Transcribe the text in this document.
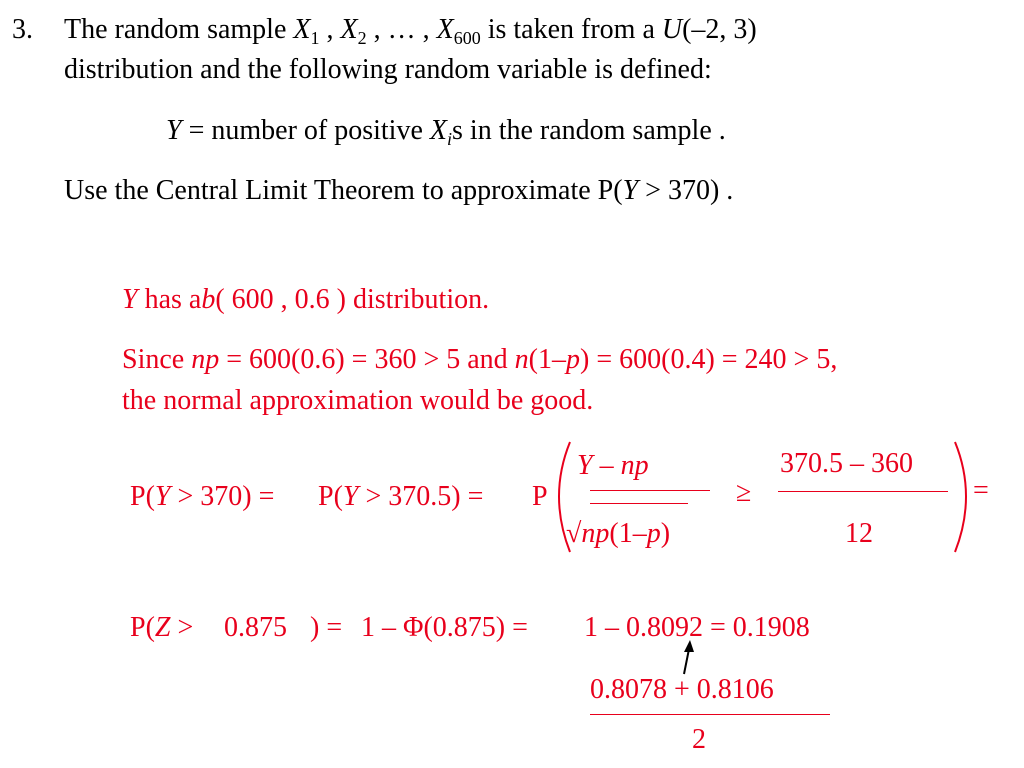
3. The random sample $X_1$ , $X_2$ , … , $X_{600}$ is taken from a U(–2, 3)
distribution and the following random variable is defined:
Y = number of positive $X_is$ in the random sample .
Use the Central Limit Theorem to approximate P(Y > 370) .
Y has ab( 600 , 0.6 ) distribution.
Since np = 600(0.6) = 360 > 5 and n(1–p) = 600(0.4) = 240 > 5,
the normal approximation would be good.
P(Y > 370) = P(Y > 370.5) = P
Y – np
√np(1–p)
≥
370.5 – 360
12
=
P(Z > 0.875 ) = 1 – Φ(0.875) = 1 – 0.8092 = 0.1908
0.8078 + 0.8106
2
